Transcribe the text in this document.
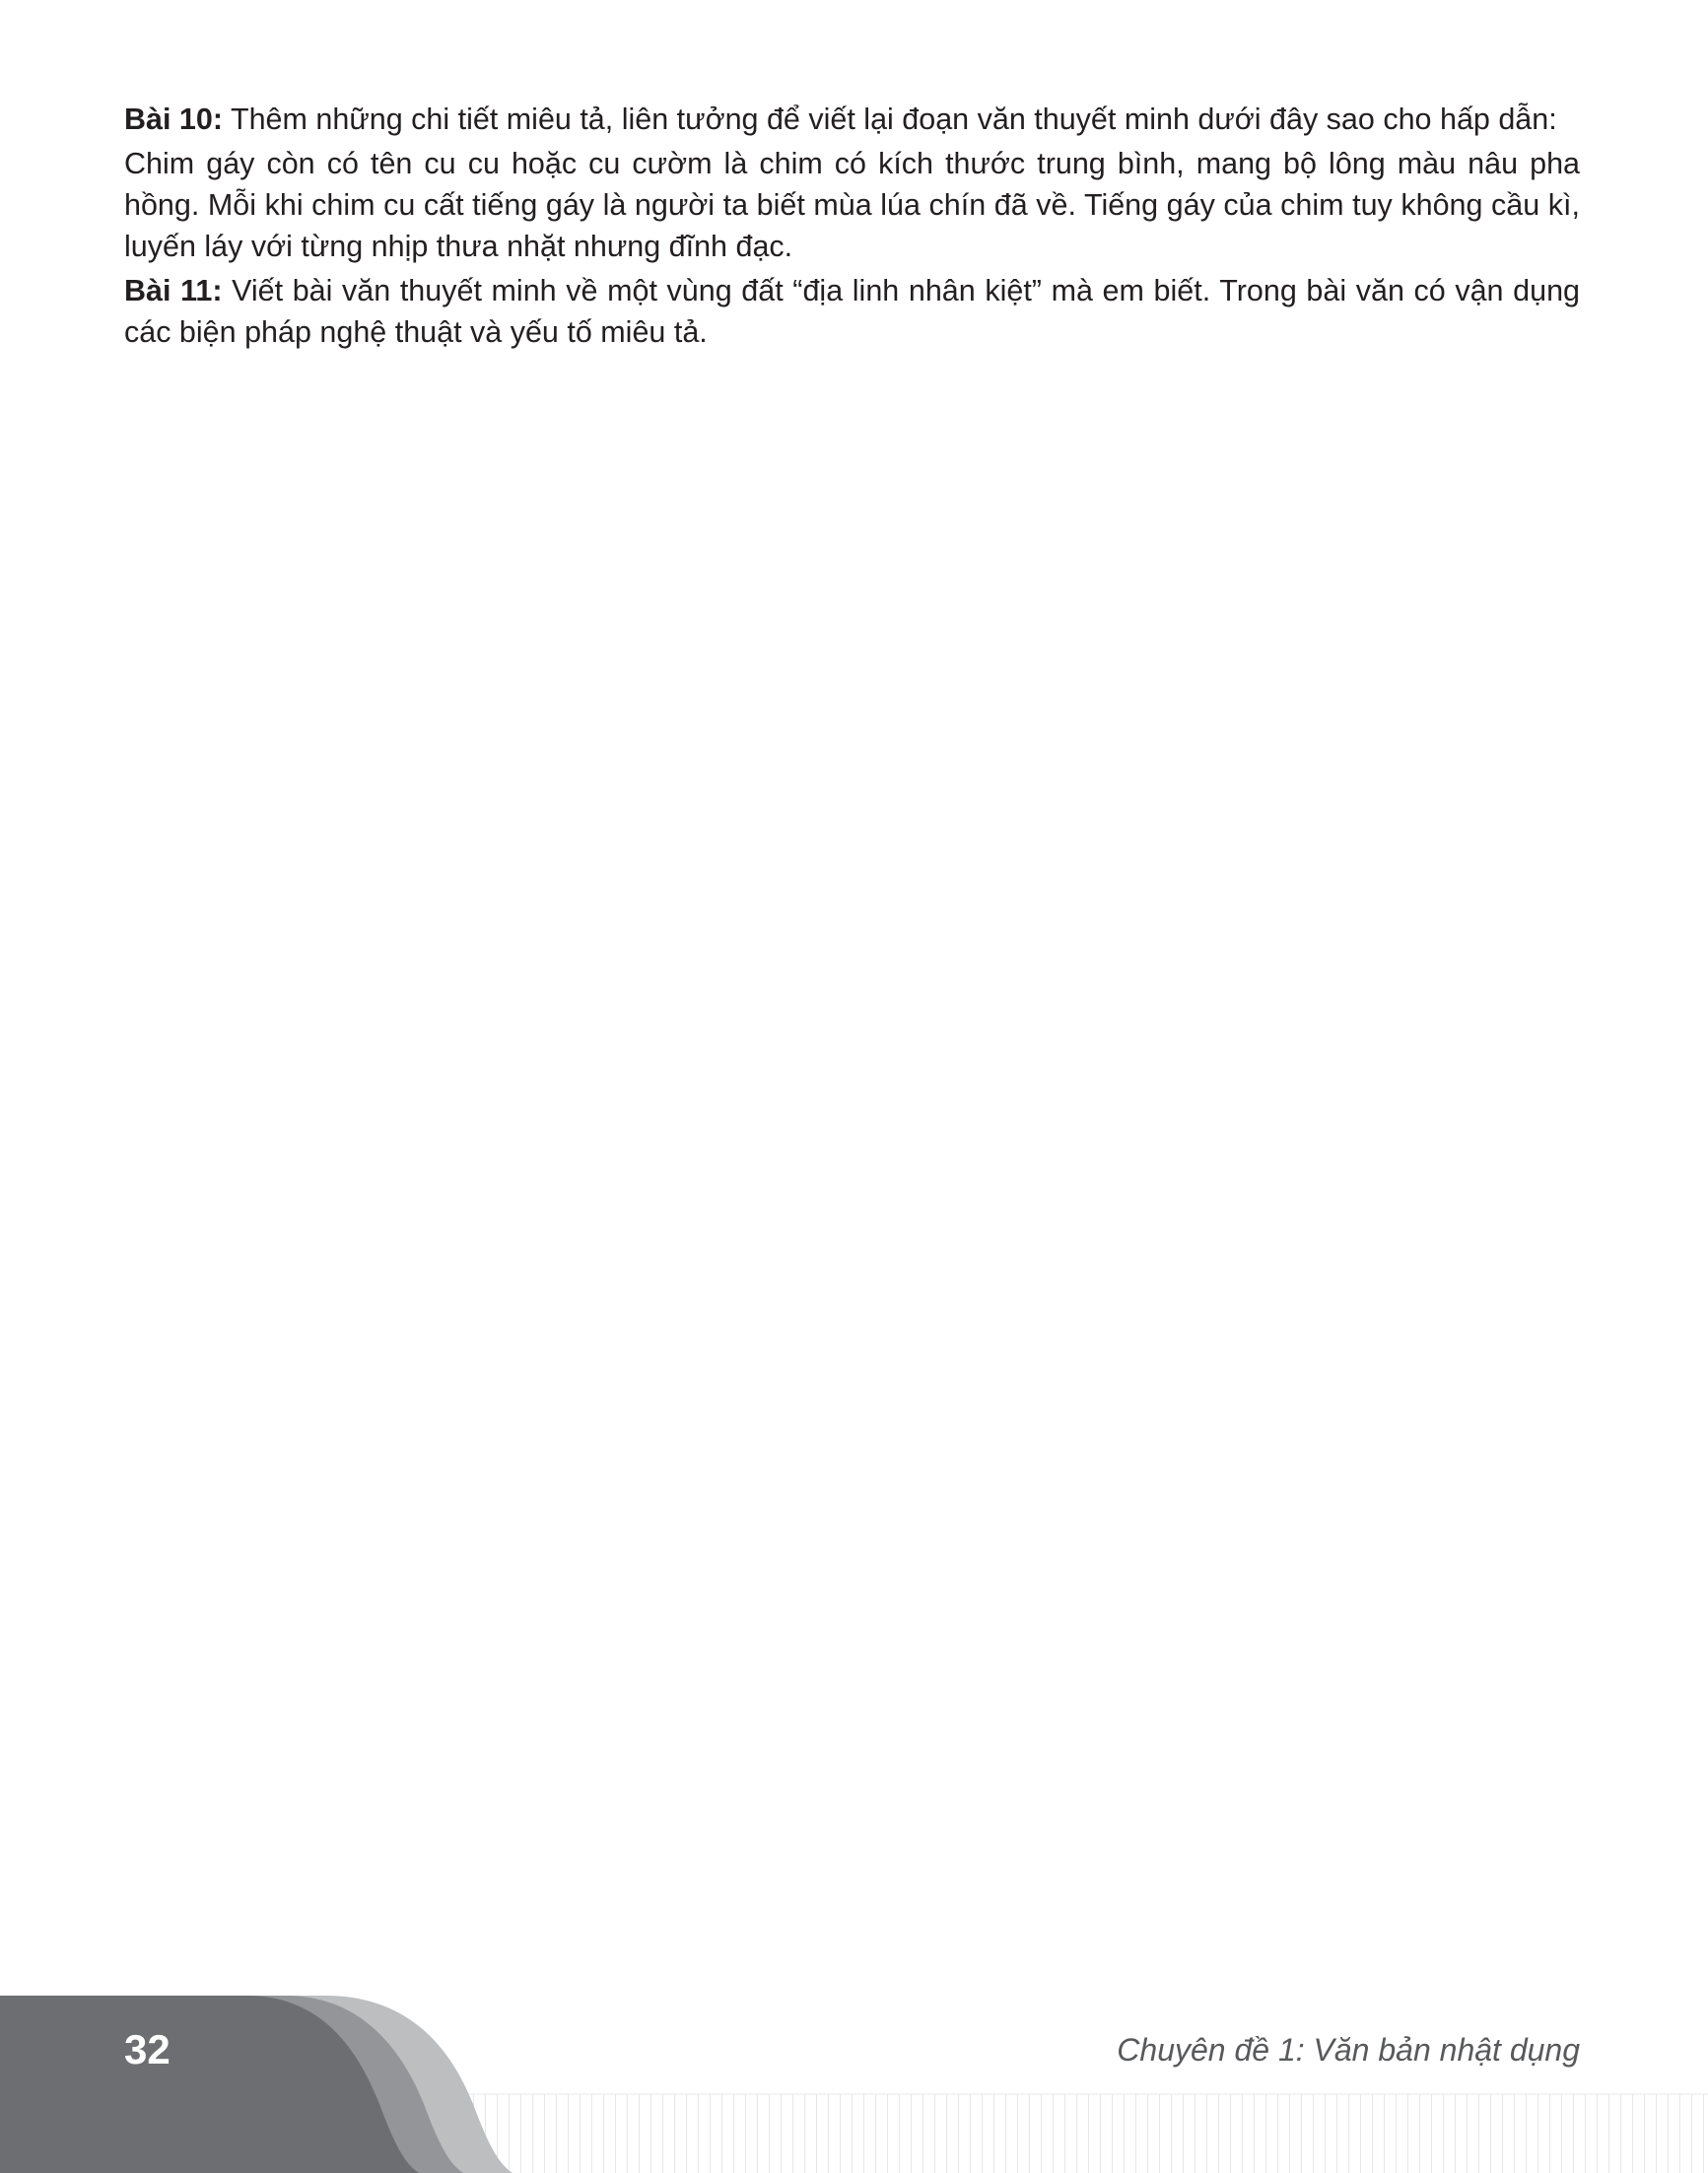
Bài 10: Thêm những chi tiết miêu tả, liên tưởng để viết lại đoạn văn thuyết minh dưới đây sao cho hấp dẫn:

Chim gáy còn có tên cu cu hoặc cu cườm là chim có kích thước trung bình, mang bộ lông màu nâu pha hồng. Mỗi khi chim cu cất tiếng gáy là người ta biết mùa lúa chín đã về. Tiếng gáy của chim tuy không cầu kì, luyến láy với từng nhịp thưa nhặt nhưng đĩnh đạc.

Bài 11: Viết bài văn thuyết minh về một vùng đất “địa linh nhân kiệt” mà em biết. Trong bài văn có vận dụng các biện pháp nghệ thuật và yếu tố miêu tả.

32	Chuyên đề 1: Văn bản nhật dụng
